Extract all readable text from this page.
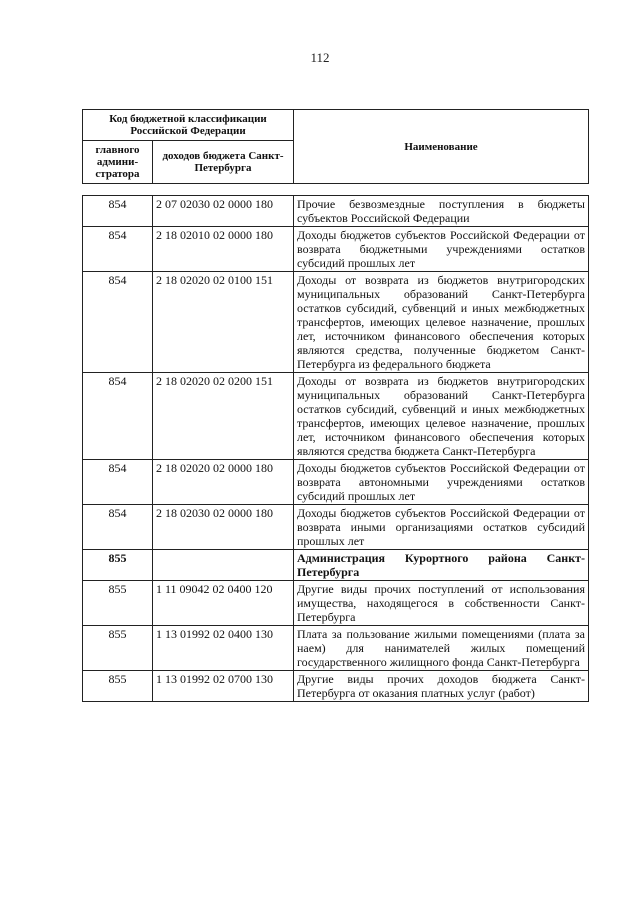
112
Код бюджетной классификации Российской Федерации		Наименование
главного админи-стратора	доходов бюджета Санкт-Петербурга	
854	2 07 02030 02 0000 180	Прочие безвозмездные поступления в бюджеты субъектов Российской Федерации
854	2 18 02010 02 0000 180	Доходы бюджетов субъектов Российской Федерации от возврата бюджетными учреждениями остатков субсидий прошлых лет
854	2 18 02020 02 0100 151	Доходы от возврата из бюджетов внутригородских муниципальных образований Санкт-Петербурга остатков субсидий, субвенций и иных межбюджетных трансфертов, имеющих целевое назначение, прошлых лет, источником финансового обеспечения которых являются средства, полученные бюджетом Санкт-Петербурга из федерального бюджета
854	2 18 02020 02 0200 151	Доходы от возврата из бюджетов внутригородских муниципальных образований Санкт-Петербурга остатков субсидий, субвенций и иных межбюджетных трансфертов, имеющих целевое назначение, прошлых лет, источником финансового обеспечения которых являются средства бюджета Санкт-Петербурга
854	2 18 02020 02 0000 180	Доходы бюджетов субъектов Российской Федерации от возврата автономными учреждениями остатков субсидий прошлых лет
854	2 18 02030 02 0000 180	Доходы бюджетов субъектов Российской Федерации от возврата иными организациями остатков субсидий прошлых лет
855		Администрация Курортного района Санкт-Петербурга
855	1 11 09042 02 0400 120	Другие виды прочих поступлений от использования имущества, находящегося в собственности Санкт-Петербурга
855	1 13 01992 02 0400 130	Плата за пользование жилыми помещениями (плата за наем) для нанимателей жилых помещений государственного жилищного фонда Санкт-Петербурга
855	1 13 01992 02 0700 130	Другие виды прочих доходов бюджета Санкт-Петербурга от оказания платных услуг (работ)
